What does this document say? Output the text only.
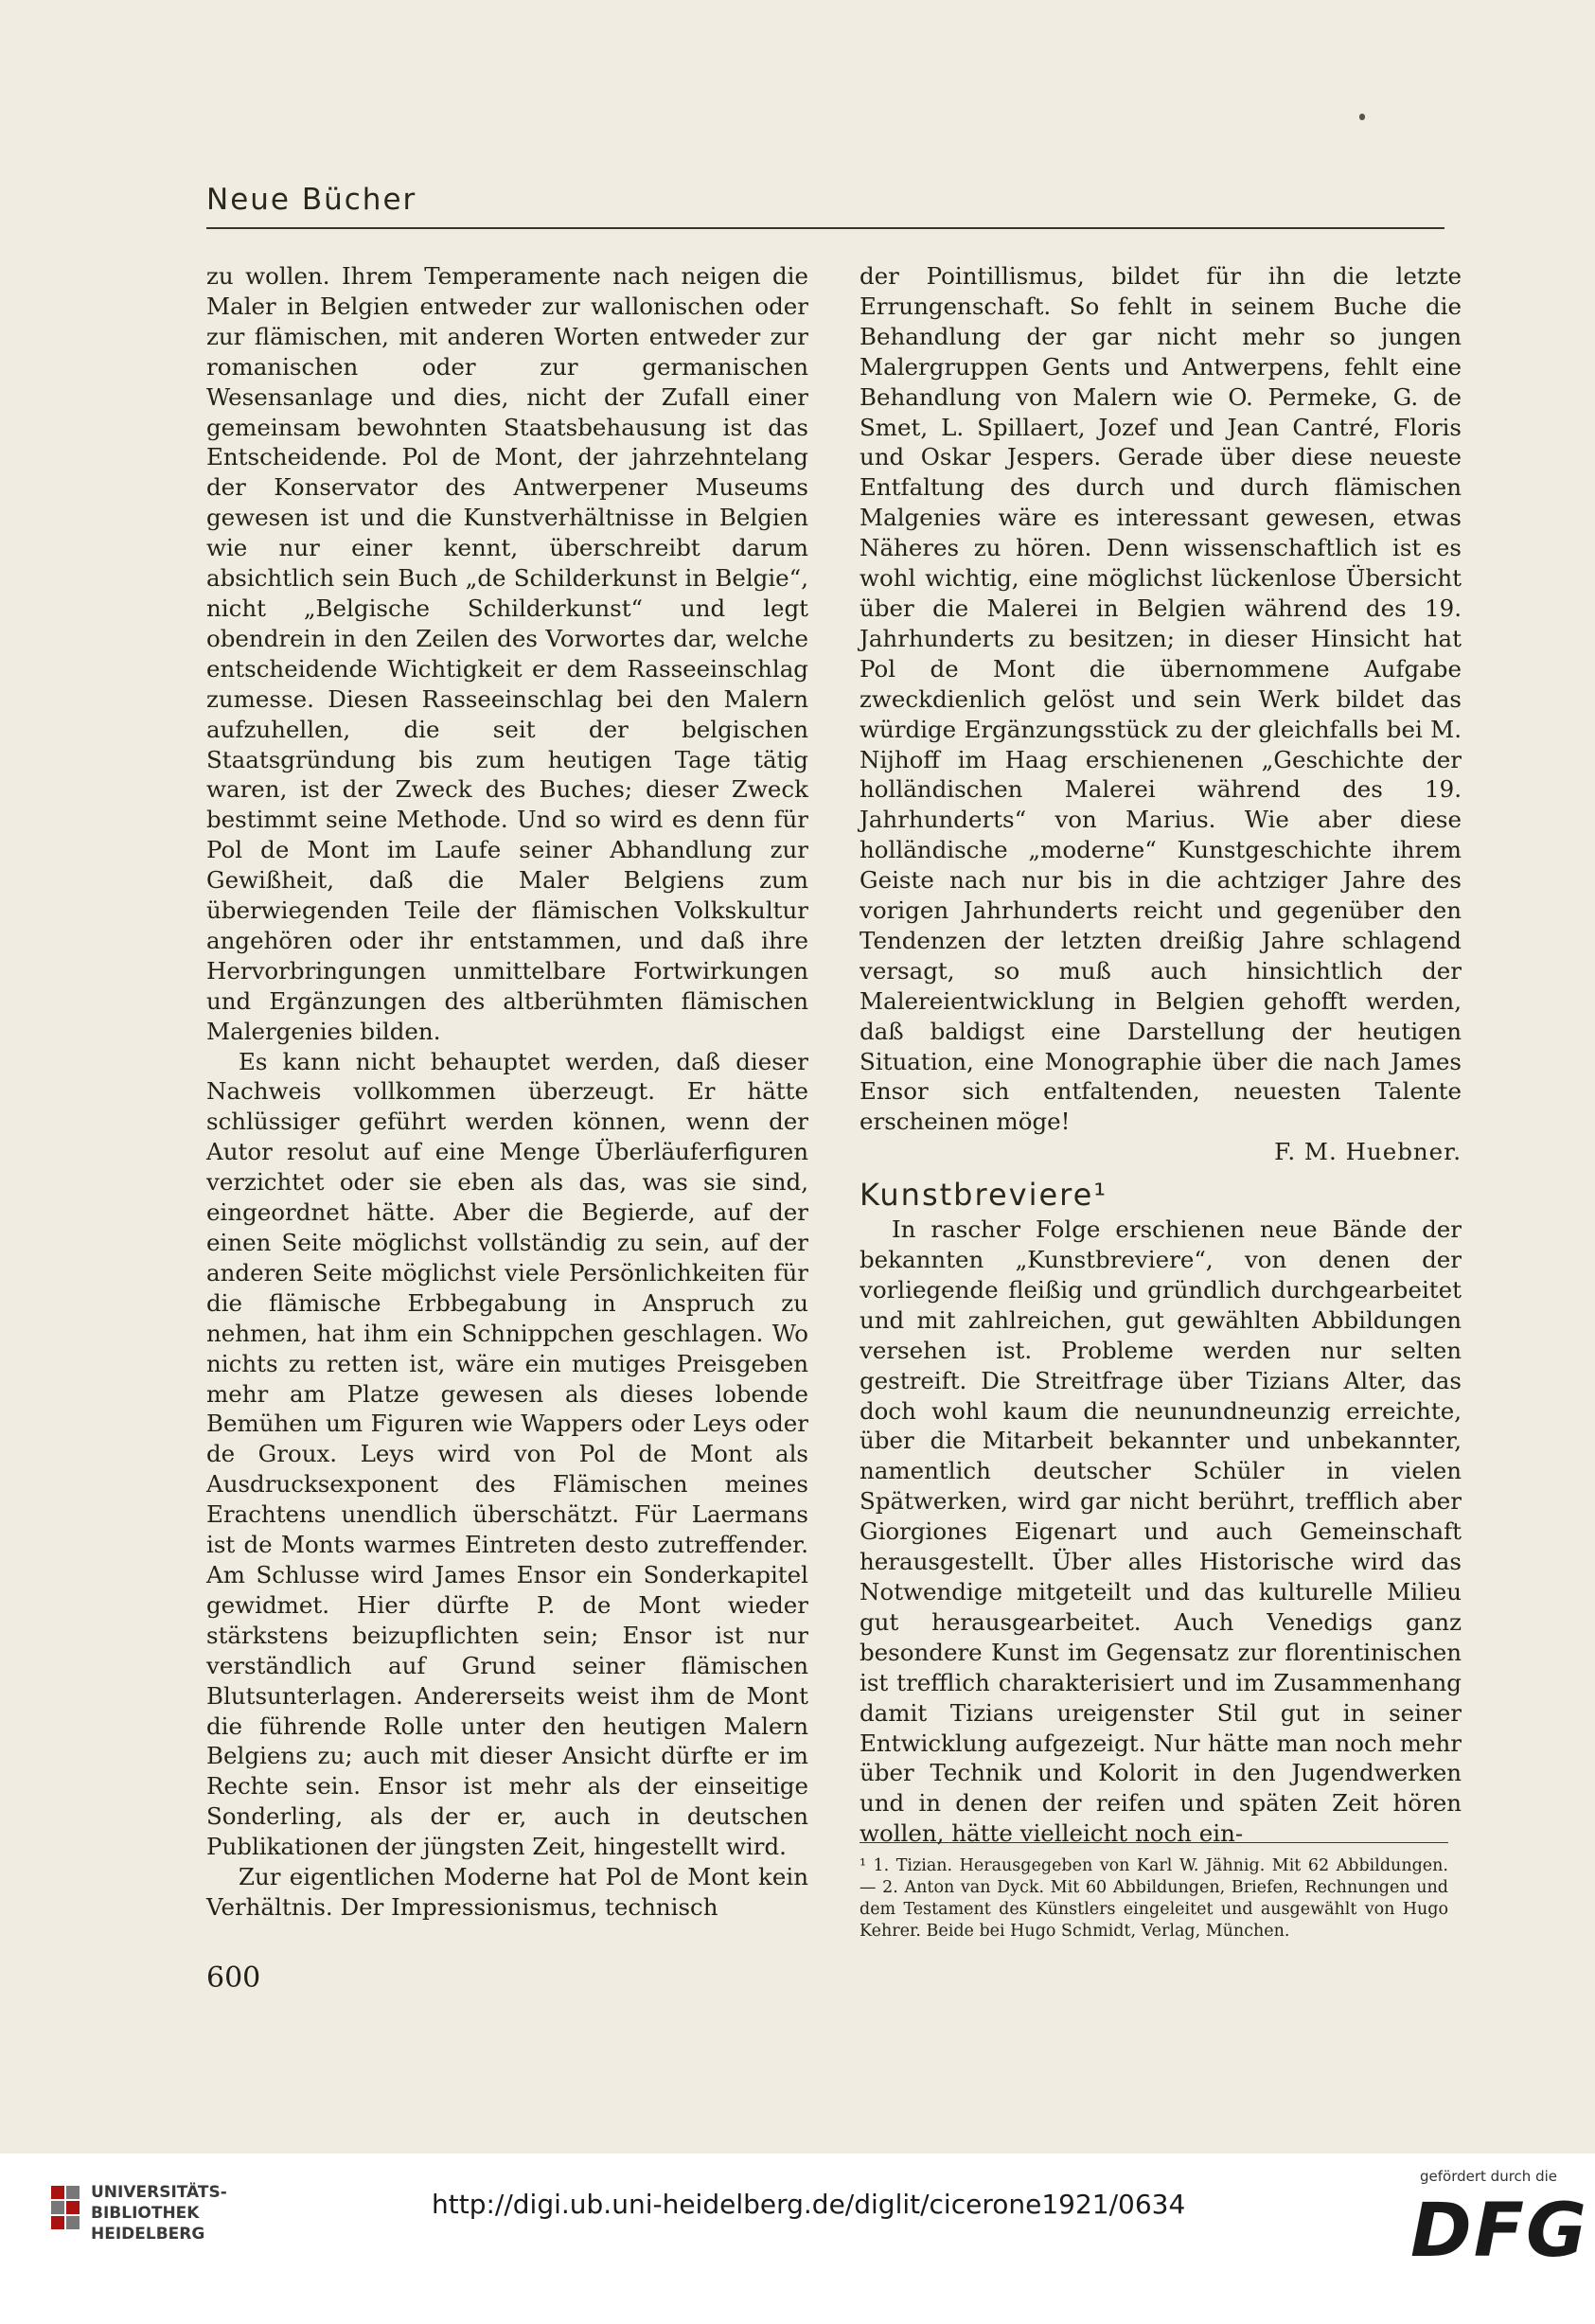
Neue Bücher

zu wollen. Ihrem Temperamente nach neigen die Maler in Belgien entweder zur wallonischen oder zur flämischen, mit anderen Worten entweder zur romanischen oder zur germanischen Wesensanlage und dies, nicht der Zufall einer gemeinsam bewohnten Staatsbehausung ist das Entscheidende. Pol de Mont, der jahrzehntelang der Konservator des Antwerpener Museums gewesen ist und die Kunstverhältnisse in Belgien wie nur einer kennt, überschreibt darum absichtlich sein Buch „de Schilderkunst in Belgie“, nicht „Belgische Schilderkunst“ und legt obendrein in den Zeilen des Vorwortes dar, welche entscheidende Wichtigkeit er dem Rasseeinschlag zumesse. Diesen Rasseeinschlag bei den Malern aufzuhellen, die seit der belgischen Staatsgründung bis zum heutigen Tage tätig waren, ist der Zweck des Buches; dieser Zweck bestimmt seine Methode. Und so wird es denn für Pol de Mont im Laufe seiner Abhandlung zur Gewißheit, daß die Maler Belgiens zum überwiegenden Teile der flämischen Volkskultur angehören oder ihr entstammen, und daß ihre Hervorbringungen unmittelbare Fortwirkungen und Ergänzungen des altberühmten flämischen Malergenies bilden.

Es kann nicht behauptet werden, daß dieser Nachweis vollkommen überzeugt. Er hätte schlüssiger geführt werden können, wenn der Autor resolut auf eine Menge Überläuferfiguren verzichtet oder sie eben als das, was sie sind, eingeordnet hätte. Aber die Begierde, auf der einen Seite möglichst vollständig zu sein, auf der anderen Seite möglichst viele Persönlichkeiten für die flämische Erbbegabung in Anspruch zu nehmen, hat ihm ein Schnippchen geschlagen. Wo nichts zu retten ist, wäre ein mutiges Preisgeben mehr am Platze gewesen als dieses lobende Bemühen um Figuren wie Wappers oder Leys oder de Groux. Leys wird von Pol de Mont als Ausdrucksexponent des Flämischen meines Erachtens unendlich überschätzt. Für Laermans ist de Monts warmes Eintreten desto zutreffender. Am Schlusse wird James Ensor ein Sonderkapitel gewidmet. Hier dürfte P. de Mont wieder stärkstens beizupflichten sein; Ensor ist nur verständlich auf Grund seiner flämischen Blutsunterlagen. Andererseits weist ihm de Mont die führende Rolle unter den heutigen Malern Belgiens zu; auch mit dieser Ansicht dürfte er im Rechte sein. Ensor ist mehr als der einseitige Sonderling, als der er, auch in deutschen Publikationen der jüngsten Zeit, hingestellt wird.

Zur eigentlichen Moderne hat Pol de Mont kein Verhältnis. Der Impressionismus, technisch

der Pointillismus, bildet für ihn die letzte Errungenschaft. So fehlt in seinem Buche die Behandlung der gar nicht mehr so jungen Malergruppen Gents und Antwerpens, fehlt eine Behandlung von Malern wie O. Permeke, G. de Smet, L. Spillaert, Jozef und Jean Cantré, Floris und Oskar Jespers. Gerade über diese neueste Entfaltung des durch und durch flämischen Malgenies wäre es interessant gewesen, etwas Näheres zu hören. Denn wissenschaftlich ist es wohl wichtig, eine möglichst lückenlose Übersicht über die Malerei in Belgien während des 19. Jahrhunderts zu besitzen; in dieser Hinsicht hat Pol de Mont die übernommene Aufgabe zweckdienlich gelöst und sein Werk bildet das würdige Ergänzungsstück zu der gleichfalls bei M. Nijhoff im Haag erschienenen „Geschichte der holländischen Malerei während des 19. Jahrhunderts“ von Marius. Wie aber diese holländische „moderne“ Kunstgeschichte ihrem Geiste nach nur bis in die achtziger Jahre des vorigen Jahrhunderts reicht und gegenüber den Tendenzen der letzten dreißig Jahre schlagend versagt, so muß auch hinsichtlich der Malereientwicklung in Belgien gehofft werden, daß baldigst eine Darstellung der heutigen Situation, eine Monographie über die nach James Ensor sich entfaltenden, neuesten Talente erscheinen möge!

F. M. Huebner.

Kunstbreviere¹

In rascher Folge erschienen neue Bände der bekannten „Kunstbreviere“, von denen der vorliegende fleißig und gründlich durchgearbeitet und mit zahlreichen, gut gewählten Abbildungen versehen ist. Probleme werden nur selten gestreift. Die Streitfrage über Tizians Alter, das doch wohl kaum die neunundneunzig erreichte, über die Mitarbeit bekannter und unbekannter, namentlich deutscher Schüler in vielen Spätwerken, wird gar nicht berührt, trefflich aber Giorgiones Eigenart und auch Gemeinschaft herausgestellt. Über alles Historische wird das Notwendige mitgeteilt und das kulturelle Milieu gut herausgearbeitet. Auch Venedigs ganz besondere Kunst im Gegensatz zur florentinischen ist trefflich charakterisiert und im Zusammenhang damit Tizians ureigenster Stil gut in seiner Entwicklung aufgezeigt. Nur hätte man noch mehr über Technik und Kolorit in den Jugendwerken und in denen der reifen und späten Zeit hören wollen, hätte vielleicht noch ein-

¹ 1. Tizian. Herausgegeben von Karl W. Jähnig. Mit 62 Abbildungen. — 2. Anton van Dyck. Mit 60 Abbildungen, Briefen, Rechnungen und dem Testament des Künstlers eingeleitet und ausgewählt von Hugo Kehrer. Beide bei Hugo Schmidt, Verlag, München.
600
UNIVERSITÄTS-
BIBLIOTHEK
HEIDELBERG
http://digi.ub.uni-heidelberg.de/diglit/cicerone1921/0634
gefördert durch die
DFG
